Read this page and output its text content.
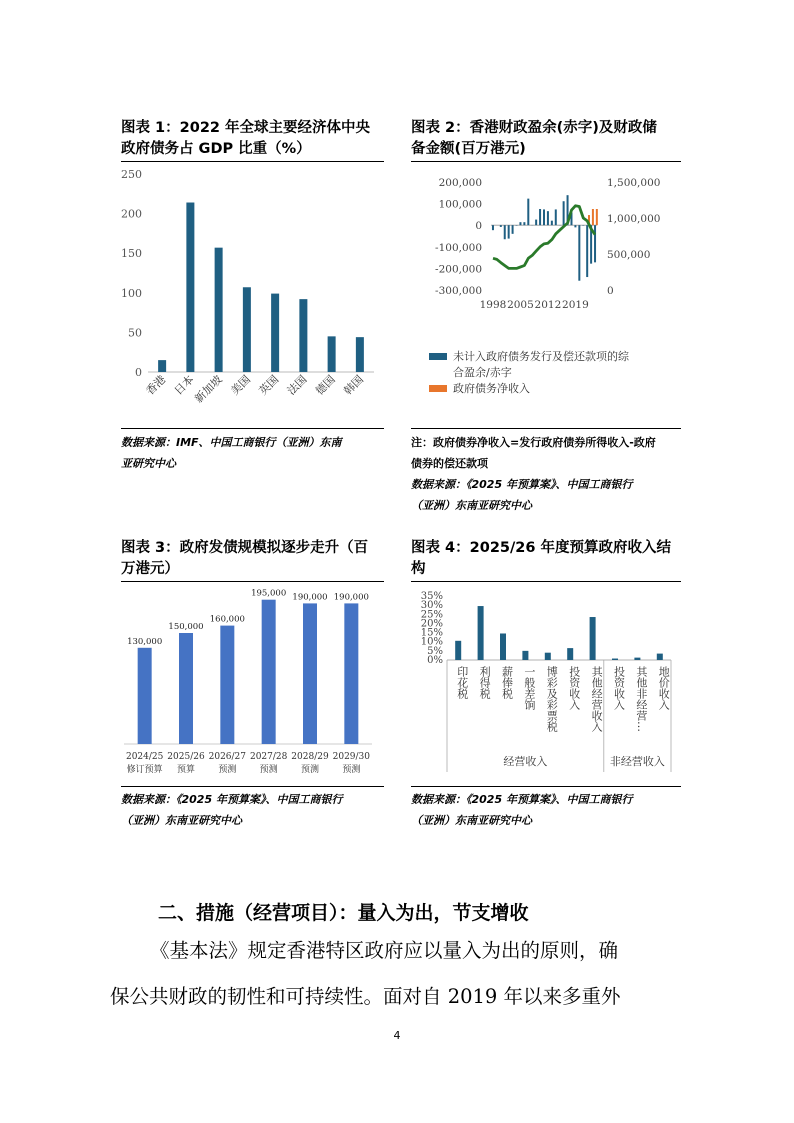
图表 1：2022 年全球主要经济体中央
政府债务占 GDP 比重（%）
0
50
100
150
200
250
香港 日本
新加坡 美国 英国 法国 德国 韩国
数据来源：IMF、中国工商银行（亚洲）东南
亚研究中心
图表 2：香港财政盈余(赤字)及财政储
备金额(百万港元)
200,000
100,000
0
-100,000
-200,000
-300,000
1,500,000
1,000,000
500,000
0
1998 2005 2012 2019
未计入政府债务发行及偿还款项的综
合盈余/赤字
政府债务净收入
注：政府债券净收入=发行政府债券所得收入-政府
债券的偿还款项
数据来源：《2025 年预算案》、中国工商银行
（亚洲）东南亚研究中心
图表 3：政府发债规模拟逐步走升（百
万港元）
130,000
2024/25
修订预算
150,000
2025/26
预算
160,000
2026/27
预测
195,000
2027/28
预测
190,000
2028/29
预测
190,000
2029/30
预测
数据来源：《2025 年预算案》、中国工商银行
（亚洲）东南亚研究中心
图表 4：2025/26 年度预算政府收入结
构
0%
5%
10%
15%
20%
25%
30%
35%
印花税 利得税 薪俸税 一般差饷 博彩及彩票税 投资收入 其他经营收入 投资收入 其他非经营… 地价收入
经营收入	非经营收入
数据来源：《2025 年预算案》、中国工商银行
（亚洲）东南亚研究中心
二、措施（经营项目）：量入为出，节支增收
《基本法》规定香港特区政府应以量入为出的原则，确
保公共财政的韧性和可持续性。面对自 2019 年以来多重外
4
